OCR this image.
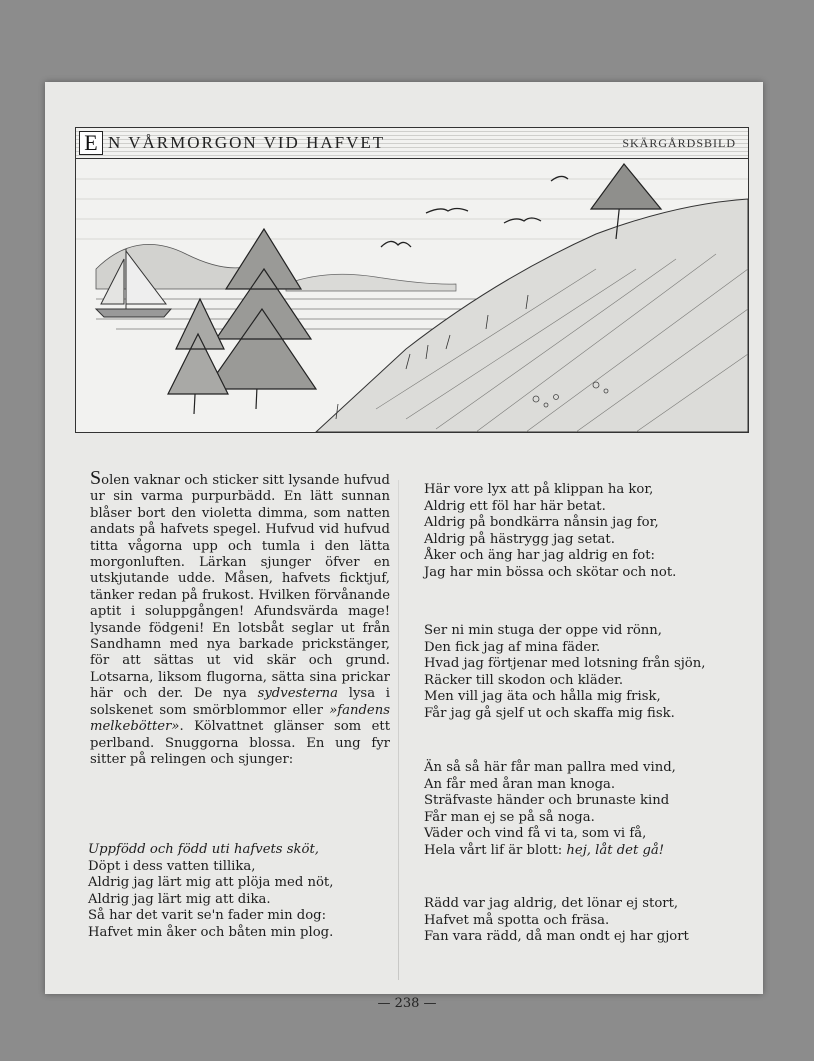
E N VÅRMORGON VID HAFVET	SKÄRGÅRDSBILD

Solen vaknar och sticker sitt lysande hufvud ur sin varma purpurbädd. En lätt sunnan blåser bort den violetta dimma, som natten andats på hafvets spegel. Hufvud vid hufvud titta vågorna upp och tumla i den lätta morgonluften. Lärkan sjunger öfver en utskjutande udde. Måsen, hafvets ficktjuf, tänker redan på frukost. Hvilken förvånande aptit i soluppgången! Afundsvärda mage! lysande födgeni! En lotsbåt seglar ut från Sandhamn med nya barkade prickstänger, för att sättas ut vid skär och grund. Lotsarna, liksom flugorna, sätta sina prickar här och der. De nya sydvesterna lysa i solskenet som smörblommor eller »fandens melkebötter». Kölvattnet glänser som ett perlband. Snuggorna blossa. En ung fyr sitter på relingen och sjunger:

Uppfödd och född uti hafvets sköt,
Döpt i dess vatten tillika,
Aldrig jag lärt mig att plöja med nöt,
Aldrig jag lärt mig att dika.
Så har det varit se'n fader min dog:
Hafvet min åker och båten min plog.
Här vore lyx att på klippan ha kor,
Aldrig ett föl har här betat.
Aldrig på bondkärra nånsin jag for,
Aldrig på hästrygg jag setat.
Åker och äng har jag aldrig en fot:
Jag har min bössa och skötar och not.
Ser ni min stuga der oppe vid rönn,
Den fick jag af mina fäder.
Hvad jag förtjenar med lotsning från sjön,
Räcker till skodon och kläder.
Men vill jag äta och hålla mig frisk,
Får jag gå sjelf ut och skaffa mig fisk.
Än så så här får man pallra med vind,
An får med åran man knoga.
Sträfvaste händer och brunaste kind
Får man ej se på så noga.
Väder och vind få vi ta, som vi få,
Hela vårt lif är blott: hej, låt det gå!
Rädd var jag aldrig, det lönar ej stort,
Hafvet må spotta och fräsa.
Fan vara rädd, då man ondt ej har gjort
— 238 —
